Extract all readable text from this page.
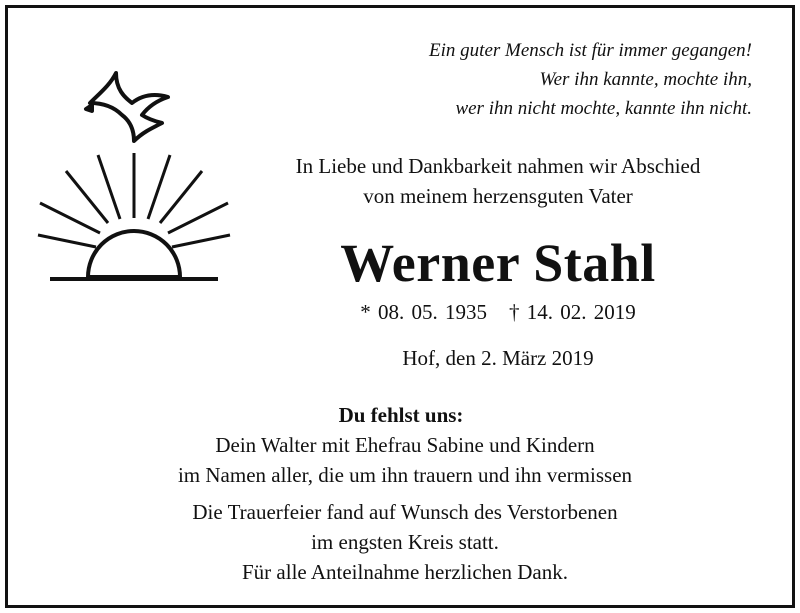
Ein guter Mensch ist für immer gegangen!
Wer ihn kannte, mochte ihn,
wer ihn nicht mochte, kannte ihn nicht.
In Liebe und Dankbarkeit nahmen wir Abschied
von meinem herzensguten Vater
Werner Stahl
* 08. 05. 1935 † 14. 02. 2019
Hof, den 2. März 2019
Du fehlst uns:
Dein Walter mit Ehefrau Sabine und Kindern
im Namen aller, die um ihn trauern und ihn vermissen
Die Trauerfeier fand auf Wunsch des Verstorbenen
im engsten Kreis statt.
Für alle Anteilnahme herzlichen Dank.
